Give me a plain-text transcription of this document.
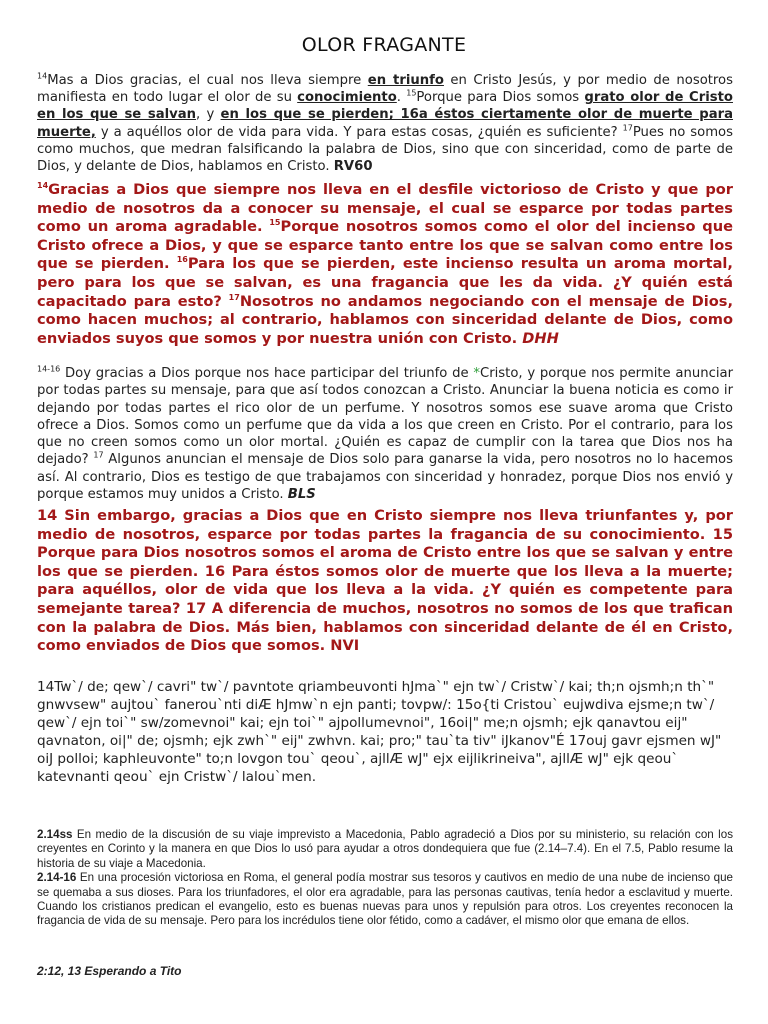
OLOR FRAGANTE
$^{14}$Mas a Dios gracias, el cual nos lleva siempre en triunfo en Cristo Jesús, y por medio de nosotros manifiesta en todo lugar el olor de su conocimiento. $^{15}$Porque para Dios somos grato olor de Cristo en los que se salvan, y en los que se pierden; 16a éstos ciertamente olor de muerte para muerte, y a aquéllos olor de vida para vida. Y para estas cosas, ¿quién es suficiente? $^{17}$Pues no somos como muchos, que medran falsificando la palabra de Dios, sino que con sinceridad, como de parte de Dios, y delante de Dios, hablamos en Cristo. RV60
$^{14}$Gracias a Dios que siempre nos lleva en el desfile victorioso de Cristo y que por medio de nosotros da a conocer su mensaje, el cual se esparce por todas partes como un aroma agradable. $^{15}$Porque nosotros somos como el olor del incienso que Cristo ofrece a Dios, y que se esparce tanto entre los que se salvan como entre los que se pierden. $^{16}$Para los que se pierden, este incienso resulta un aroma mortal, pero para los que se salvan, es una fragancia que les da vida. ¿Y quién está capacitado para esto? $^{17}$Nosotros no andamos negociando con el mensaje de Dios, como hacen muchos; al contrario, hablamos con sinceridad delante de Dios, como enviados suyos que somos y por nuestra unión con Cristo. DHH
$^{14-16}$ Doy gracias a Dios porque nos hace participar del triunfo de *Cristo, y porque nos permite anunciar por todas partes su mensaje, para que así todos conozcan a Cristo. Anunciar la buena noticia es como ir dejando por todas partes el rico olor de un perfume. Y nosotros somos ese suave aroma que Cristo ofrece a Dios. Somos como un perfume que da vida a los que creen en Cristo. Por el contrario, para los que no creen somos como un olor mortal. ¿Quién es capaz de cumplir con la tarea que Dios nos ha dejado? $^{17}$ Algunos anuncian el mensaje de Dios solo para ganarse la vida, pero nosotros no lo hacemos así. Al contrario, Dios es testigo de que trabajamos con sinceridad y honradez, porque Dios nos envió y porque estamos muy unidos a Cristo. BLS
14 Sin embargo, gracias a Dios que en Cristo siempre nos lleva triunfantes y, por medio de nosotros, esparce por todas partes la fragancia de su conocimiento. 15 Porque para Dios nosotros somos el aroma de Cristo entre los que se salvan y entre los que se pierden. 16 Para éstos somos olor de muerte que los lleva a la muerte; para aquéllos, olor de vida que los lleva a la vida. ¿Y quién es competente para semejante tarea? 17 A diferencia de muchos, nosotros no somos de los que trafican con la palabra de Dios. Más bien, hablamos con sinceridad delante de él en Cristo, como enviados de Dios que somos. NVI
14Tw`/ de; qew`/ cavri" tw`/ pavntote qriambeuvonti hJma`" ejn tw`/ Cristw`/ kai; th;n ojsmh;n th`" gnwvsew" aujtou` fanerou`nti diÆ hJmw`n ejn panti; tovpw/: 15o{ti Cristou` eujwdiva ejsme;n tw`/ qew`/ ejn toi`" sw/zomevnoi" kai; ejn toi`" ajpollumevnoi", 16oi|" me;n ojsmh; ejk qanavtou eij" qavnaton, oi|" de; ojsmh; ejk zwh`" eij" zwhvn. kai; pro;" tau`ta tiv" iJkanov"É 17ouj gavr ejsmen wJ" oiJ polloi; kaphleuvonte" to;n lovgon tou` qeou`, ajllÆ wJ" ejx eijlikrineiva", ajllÆ wJ" ejk qeou` katevnanti qeou` ejn Cristw`/ lalou`men.
2.14ss En medio de la discusión de su viaje imprevisto a Macedonia, Pablo agradeció a Dios por su ministerio, su relación con los creyentes en Corinto y la manera en que Dios lo usó para ayudar a otros dondequiera que fue (2.14–7.4). En el 7.5, Pablo resume la historia de su viaje a Macedonia.
2.14-16 En una procesión victoriosa en Roma, el general podía mostrar sus tesoros y cautivos en medio de una nube de incienso que se quemaba a sus dioses. Para los triunfadores, el olor era agradable, para las personas cautivas, tenía hedor a esclavitud y muerte. Cuando los cristianos predican el evangelio, esto es buenas nuevas para unos y repulsión para otros. Los creyentes reconocen la fragancia de vida de su mensaje. Pero para los incrédulos tiene olor fétido, como a cadáver, el mismo olor que emana de ellos.
2:12, 13 Esperando a Tito
